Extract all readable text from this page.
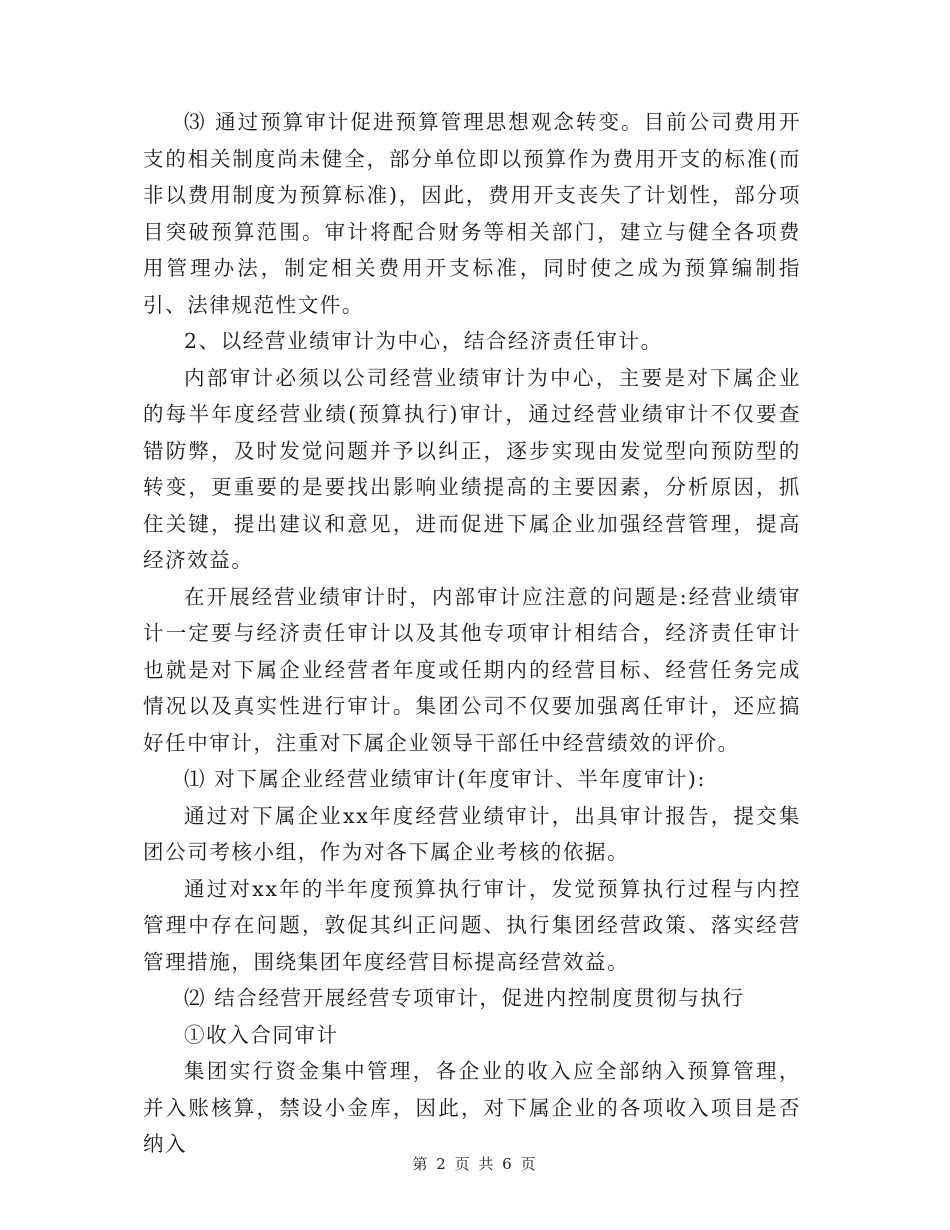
⑶ 通过预算审计促进预算管理思想观念转变。目前公司费用开支的相关制度尚未健全，部分单位即以预算作为费用开支的标准(而非以费用制度为预算标准)，因此，费用开支丧失了计划性，部分项目突破预算范围。审计将配合财务等相关部门，建立与健全各项费用管理办法，制定相关费用开支标准，同时使之成为预算编制指引、法律规范性文件。

2、以经营业绩审计为中心，结合经济责任审计。

内部审计必须以公司经营业绩审计为中心，主要是对下属企业的每半年度经营业绩(预算执行)审计，通过经营业绩审计不仅要查错防弊，及时发觉问题并予以纠正，逐步实现由发觉型向预防型的转变，更重要的是要找出影响业绩提高的主要因素，分析原因，抓住关键，提出建议和意见，进而促进下属企业加强经营管理，提高经济效益。

在开展经营业绩审计时，内部审计应注意的问题是:经营业绩审计一定要与经济责任审计以及其他专项审计相结合，经济责任审计也就是对下属企业经营者年度或任期内的经营目标、经营任务完成情况以及真实性进行审计。集团公司不仅要加强离任审计，还应搞好任中审计，注重对下属企业领导干部任中经营绩效的评价。

⑴ 对下属企业经营业绩审计(年度审计、半年度审计):

通过对下属企业xx年度经营业绩审计，出具审计报告，提交集团公司考核小组，作为对各下属企业考核的依据。

通过对xx年的半年度预算执行审计，发觉预算执行过程与内控管理中存在问题，敦促其纠正问题、执行集团经营政策、落实经营管理措施，围绕集团年度经营目标提高经营效益。

⑵ 结合经营开展经营专项审计，促进内控制度贯彻与执行

①收入合同审计

集团实行资金集中管理，各企业的收入应全部纳入预算管理，并入账核算，禁设小金库，因此，对下属企业的各项收入项目是否纳入

第 2 页 共 6 页
